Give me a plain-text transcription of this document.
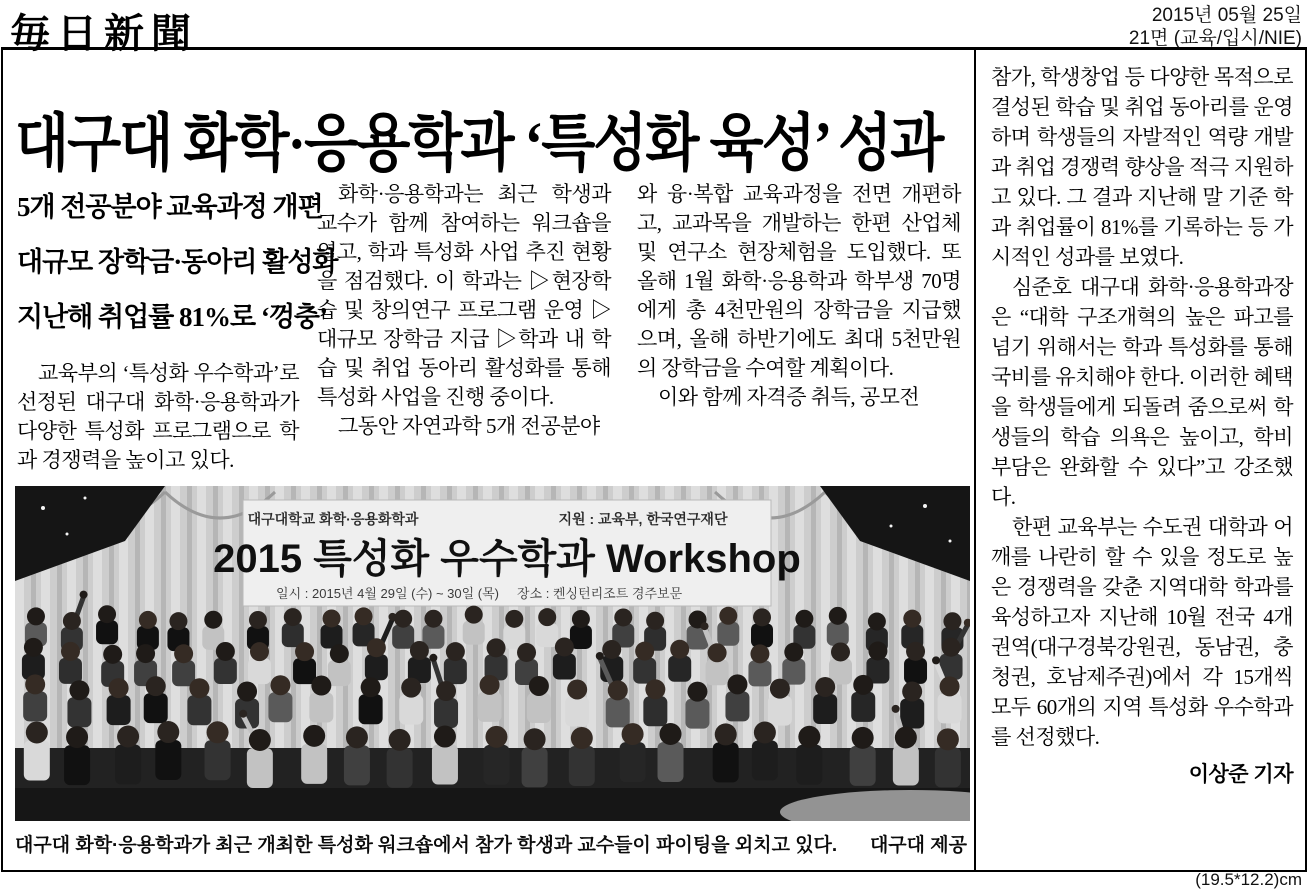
毎日新聞	2015년 05월 25일
21면 (교육/입시/NIE)
대구대 화학·응용학과 ‘특성화 육성’ 성과
5개 전공분야 교육과정 개편
대규모 장학금·동아리 활성화
지난해 취업률 81%로 ‘껑충’

교육부의 ‘특성화 우수학과’로 선정된 대구대 화학·응용학과가 다양한 특성화 프로그램으로 학과 경쟁력을 높이고 있다.

화학·응용학과는 최근 학생과 교수가 함께 참여하는 워크숍을 열고, 학과 특성화 사업 추진 현황을 점검했다. 이 학과는 ▷현장학습 및 창의연구 프로그램 운영 ▷대규모 장학금 지급 ▷학과 내 학습 및 취업 동아리 활성화를 통해 특성화 사업을 진행 중이다.

그동안 자연과학 5개 전공분야

와 융·복합 교육과정을 전면 개편하고, 교과목을 개발하는 한편 산업체 및 연구소 현장체험을 도입했다. 또 올해 1월 화학·응용학과 학부생 70명에게 총 4천만원의 장학금을 지급했으며, 올해 하반기에도 최대 5천만원의 장학금을 수여할 계획이다.

이와 함께 자격증 취득, 공모전

참가, 학생창업 등 다양한 목적으로 결성된 학습 및 취업 동아리를 운영하며 학생들의 자발적인 역량 개발과 취업 경쟁력 향상을 적극 지원하고 있다. 그 결과 지난해 말 기준 학과 취업률이 81%를 기록하는 등 가시적인 성과를 보였다.

심준호 대구대 화학·응용학과장은 “대학 구조개혁의 높은 파고를 넘기 위해서는 학과 특성화를 통해 국비를 유치해야 한다. 이러한 혜택을 학생들에게 되돌려 줌으로써 학생들의 학습 의욕은 높이고, 학비 부담은 완화할 수 있다”고 강조했다.

한편 교육부는 수도권 대학과 어깨를 나란히 할 수 있을 정도로 높은 경쟁력을 갖춘 지역대학 학과를 육성하고자 지난해 10월 전국 4개 권역(대구경북강원권, 동남권, 충청권, 호남제주권)에서 각 15개씩 모두 60개의 지역 특성화 우수학과를 선정했다.

이상준 기자
대구대학교 화학·응용화학과	지원 : 교육부, 한국연구재단
2015 특성화 우수학과 Workshop
일시 : 2015년 4월 29일 (수) ~ 30일 (목) 장소 : 켄싱턴리조트 경주보문
대구대 화학·응용학과가 최근 개최한 특성화 워크숍에서 참가 학생과 교수들이 파이팅을 외치고 있다. 대구대 제공
(19.5*12.2)cm
